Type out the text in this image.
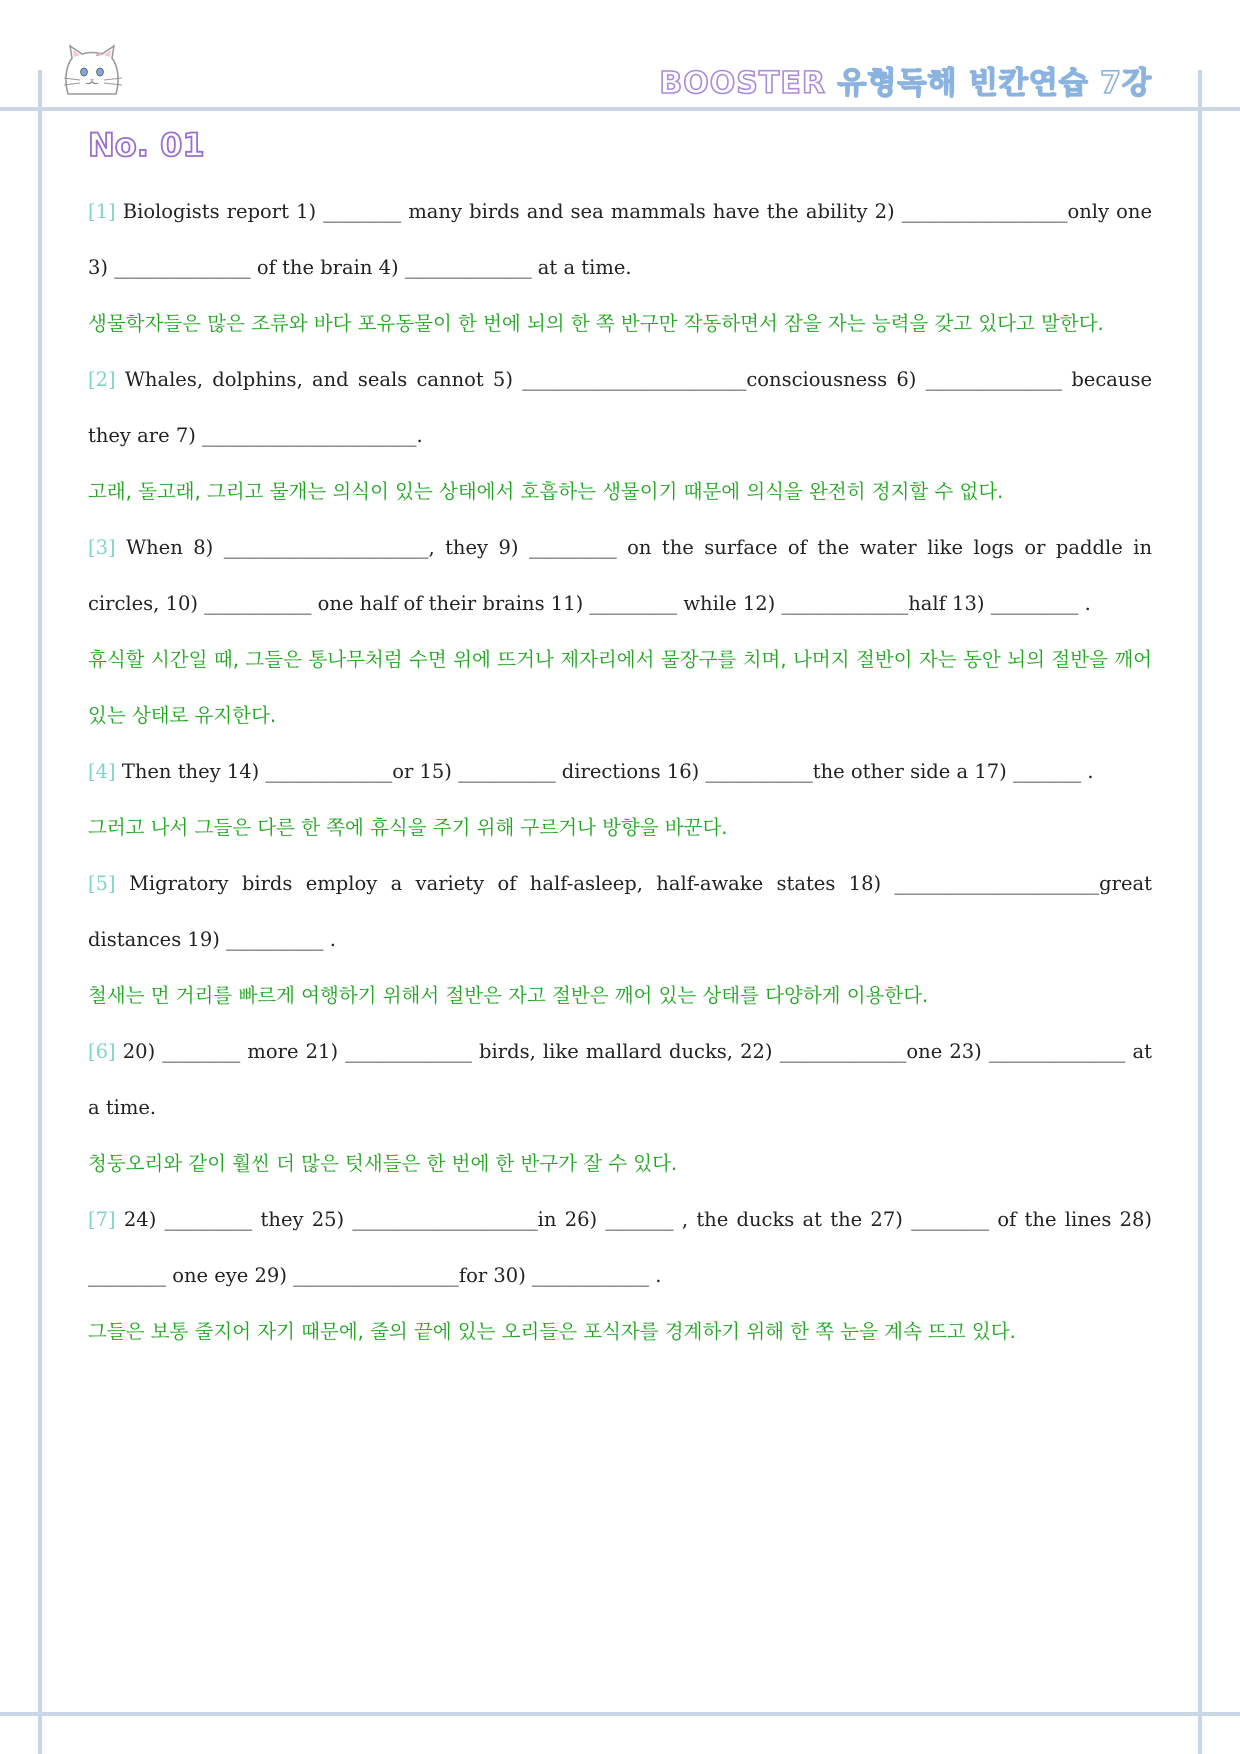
BOOSTER 유형독해 빈칸연습 7강
No. 01

[1] Biologists report 1) ________ many birds and sea mammals have the ability 2) _________________only one 3) ______________ of the brain 4) _____________ at a time.

생물학자들은 많은 조류와 바다 포유동물이 한 번에 뇌의 한 쪽 반구만 작동하면서 잠을 자는 능력을 갖고 있다고 말한다.

[2] Whales, dolphins, and seals cannot 5) _______________________consciousness 6) ______________ because they are 7) ______________________.

고래, 돌고래, 그리고 물개는 의식이 있는 상태에서 호흡하는 생물이기 때문에 의식을 완전히 정지할 수 없다.

[3] When 8) _____________________, they 9) _________ on the surface of the water like logs or paddle in circles, 10) ___________ one half of their brains 11) _________ while 12) _____________half 13) _________ .

휴식할 시간일 때, 그들은 통나무처럼 수면 위에 뜨거나 제자리에서 물장구를 치며, 나머지 절반이 자는 동안 뇌의 절반을 깨어 있는 상태로 유지한다.

[4] Then they 14) _____________or 15) __________ directions 16) ___________the other side a 17) _______ .

그러고 나서 그들은 다른 한 쪽에 휴식을 주기 위해 구르거나 방향을 바꾼다.

[5] Migratory birds employ a variety of half-asleep, half-awake states 18) _____________________great distances 19) __________ .

철새는 먼 거리를 빠르게 여행하기 위해서 절반은 자고 절반은 깨어 있는 상태를 다양하게 이용한다.

[6] 20) ________ more 21) _____________ birds, like mallard ducks, 22) _____________one 23) ______________ at a time.

청둥오리와 같이 훨씬 더 많은 텃새들은 한 번에 한 반구가 잘 수 있다.

[7] 24) _________ they 25) ___________________in 26) _______ , the ducks at the 27) ________ of the lines 28) ________ one eye 29) _________________for 30) ____________ .

그들은 보통 줄지어 자기 때문에, 줄의 끝에 있는 오리들은 포식자를 경계하기 위해 한 쪽 눈을 계속 뜨고 있다.
